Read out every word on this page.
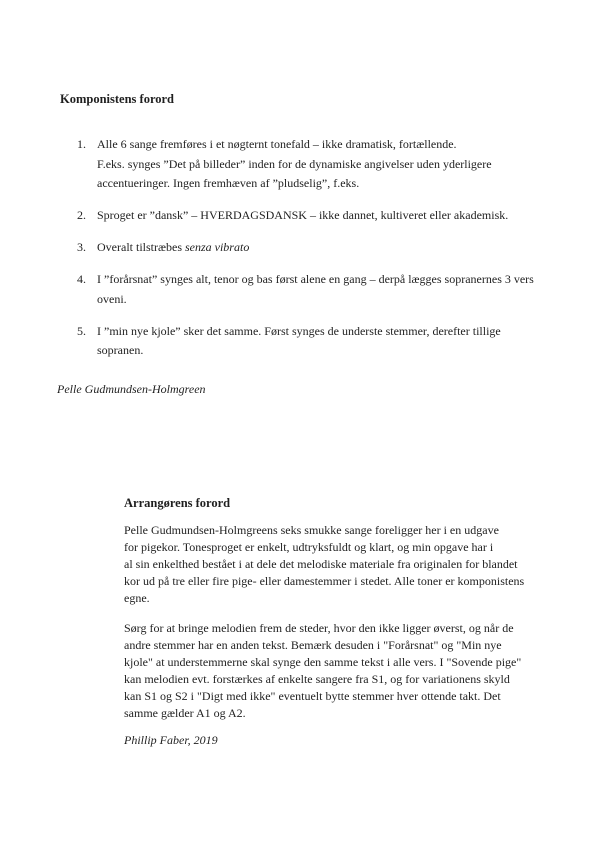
Komponistens forord
1. Alle 6 sange fremføres i et nøgternt tonefald – ikke dramatisk, fortællende.
F.eks. synges ”Det på billeder” inden for de dynamiske angivelser uden yderligere
accentueringer. Ingen fremhæven af ”pludselig”, f.eks.
2. Sproget er ”dansk” – HVERDAGSDANSK – ikke dannet, kultiveret eller akademisk.
3. Overalt tilstræbes senza vibrato
4. I ”forårsnat” synges alt, tenor og bas først alene en gang – derpå lægges sopranernes 3 vers
oveni.
5. I ”min nye kjole” sker det samme. Først synges de underste stemmer, derefter tillige
sopranen.
Pelle Gudmundsen-Holmgreen
Arrangørens forord
Pelle Gudmundsen-Holmgreens seks smukke sange foreligger her i en udgave
for pigekor. Tonesproget er enkelt, udtryksfuldt og klart, og min opgave har i
al sin enkelthed bestået i at dele det melodiske materiale fra originalen for blandet
kor ud på tre eller fire pige- eller damestemmer i stedet. Alle toner er komponistens
egne.
Sørg for at bringe melodien frem de steder, hvor den ikke ligger øverst, og når de
andre stemmer har en anden tekst. Bemærk desuden i "Forårsnat" og "Min nye
kjole" at understemmerne skal synge den samme tekst i alle vers. I "Sovende pige"
kan melodien evt. forstærkes af enkelte sangere fra S1, og for variationens skyld
kan S1 og S2 i "Digt med ikke" eventuelt bytte stemmer hver ottende takt. Det
samme gælder A1 og A2.
Phillip Faber, 2019
